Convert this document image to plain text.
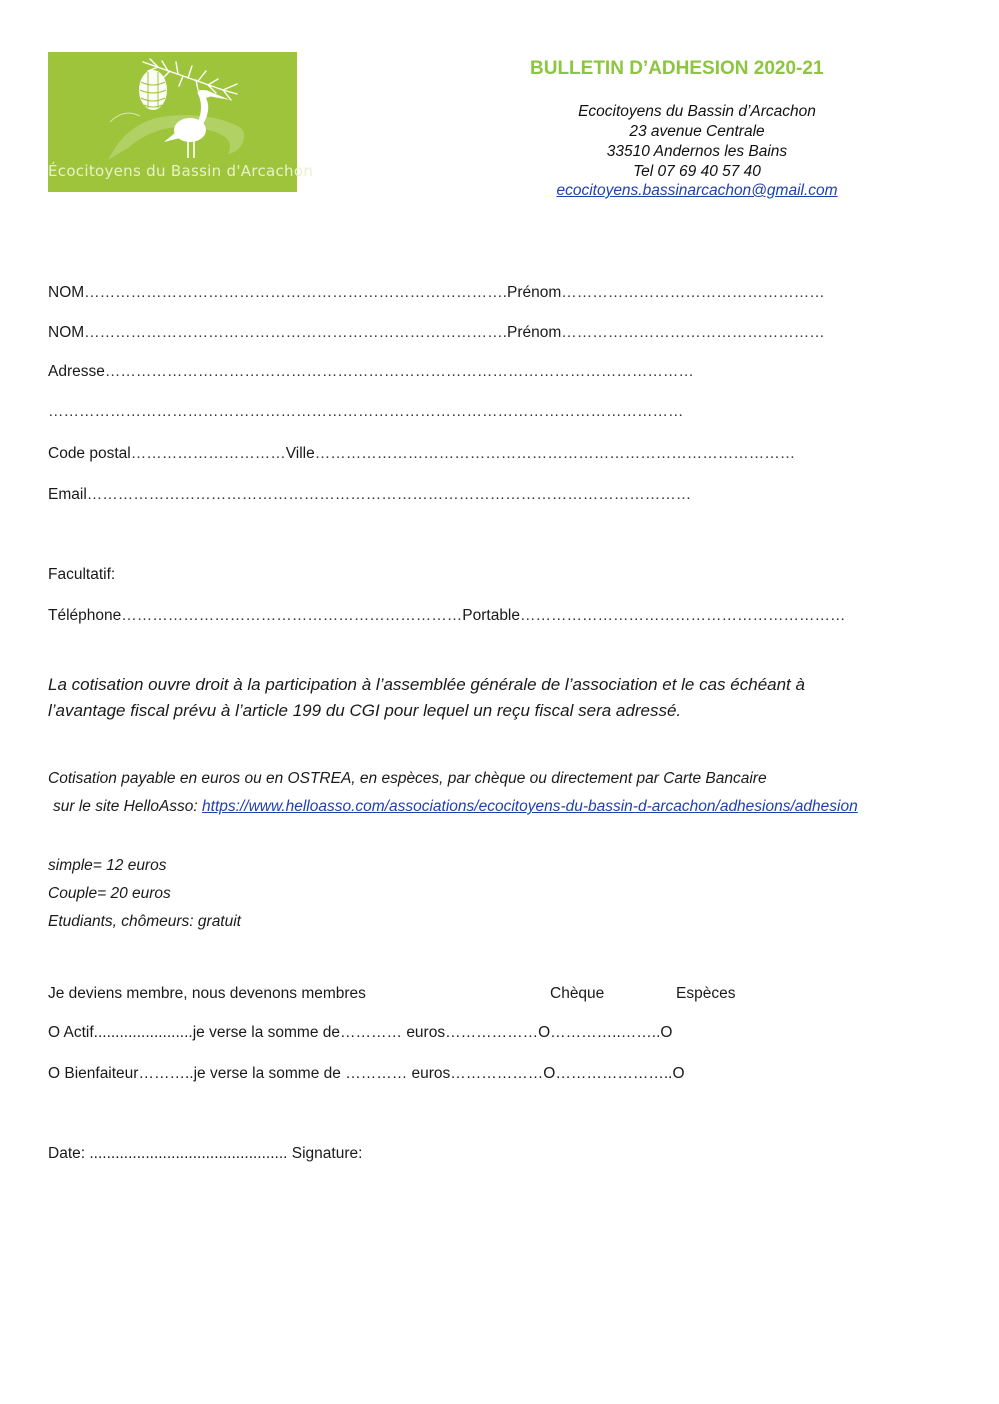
Écocitoyens du Bassin d'Arcachon
BULLETIN D’ADHESION 2020-21
Ecocitoyens du Bassin d’Arcachon
23 avenue Centrale
33510 Andernos les Bains
Tel 07 69 40 57 40
ecocitoyens.bassinarcachon@gmail.com
NOM……………………………………………………………………….Prénom……………………………………………
NOM……………………………………………………………………….Prénom……………………………………………
Adresse……………………………………………………………………………………………………
……………………………………………………………………………………………………………
Code postal…………………………Ville…………………………………………………………………………………
Email………………………………………………………………………………………………………
Facultatif:
Téléphone…………………………………………………………Portable………………………………………………………
La cotisation ouvre droit à la participation à l’assemblée générale de l’association et le cas échéant à
l’avantage fiscal prévu à l’article 199 du CGI pour lequel un reçu fiscal sera adressé.
Cotisation payable en euros ou en OSTREA, en espèces, par chèque ou directement par Carte Bancaire
sur le site HelloAsso: https://www.helloasso.com/associations/ecocitoyens-du-bassin-d-arcachon/adhesions/adhesion
simple= 12 euros
Couple= 20 euros
Etudiants, chômeurs: gratuit
Je deviens membre, nous devenons membres	Chèque	Espèces
O Actif.......................je verse la somme de………… euros………………O…………..……..O
O Bienfaiteur………..je verse la somme de ………… euros………………O…………………..O
Date: .............................................. Signature:
